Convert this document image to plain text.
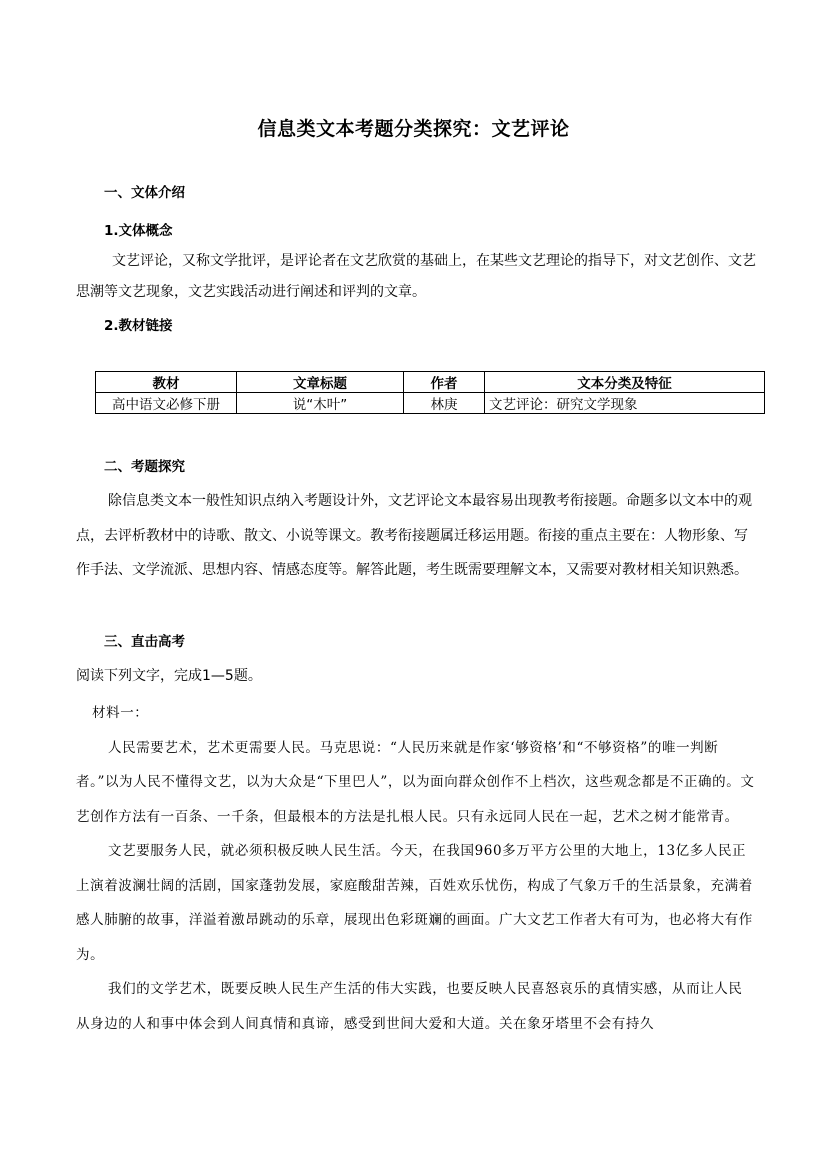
信息类文本考题分类探究：文艺评论
一、文体介绍
1.文体概念

文艺评论，又称文学批评，是评论者在文艺欣赏的基础上，在某些文艺理论的指导下，对文艺创作、文艺思潮等文艺现象，文艺实践活动进行阐述和评判的文章。

2.教材链接
教材	文章标题	作者	文本分类及特征
高中语文必修下册	说“木叶”	林庚	文艺评论：研究文学现象
二、考题探究

除信息类文本一般性知识点纳入考题设计外，文艺评论文本最容易出现教考衔接题。命题多以文本中的观点，去评析教材中的诗歌、散文、小说等课文。教考衔接题属迁移运用题。衔接的重点主要在：人物形象、写作手法、文学流派、思想内容、情感态度等。解答此题，考生既需要理解文本，又需要对教材相关知识熟悉。

三、直击高考

阅读下列文字，完成1—5题。

材料一：

人民需要艺术，艺术更需要人民。马克思说：“人民历来就是作家‘够资格’和“不够资格”的唯一判断者。”以为人民不懂得文艺，以为大众是“下里巴人”，以为面向群众创作不上档次，这些观念都是不正确的。文艺创作方法有一百条、一千条，但最根本的方法是扎根人民。只有永远同人民在一起，艺术之树才能常青。

文艺要服务人民，就必须积极反映人民生活。今天，在我国960多万平方公里的大地上，13亿多人民正上演着波澜壮阔的活剧，国家蓬勃发展，家庭酸甜苦辣，百姓欢乐忧伤，构成了气象万千的生活景象，充满着感人肺腑的故事，洋溢着激昂跳动的乐章，展现出色彩斑斓的画面。广大文艺工作者大有可为，也必将大有作为。

我们的文学艺术，既要反映人民生产生活的伟大实践，也要反映人民喜怒哀乐的真情实感，从而让人民从身边的人和事中体会到人间真情和真谛，感受到世间大爱和大道。关在象牙塔里不会有持久
